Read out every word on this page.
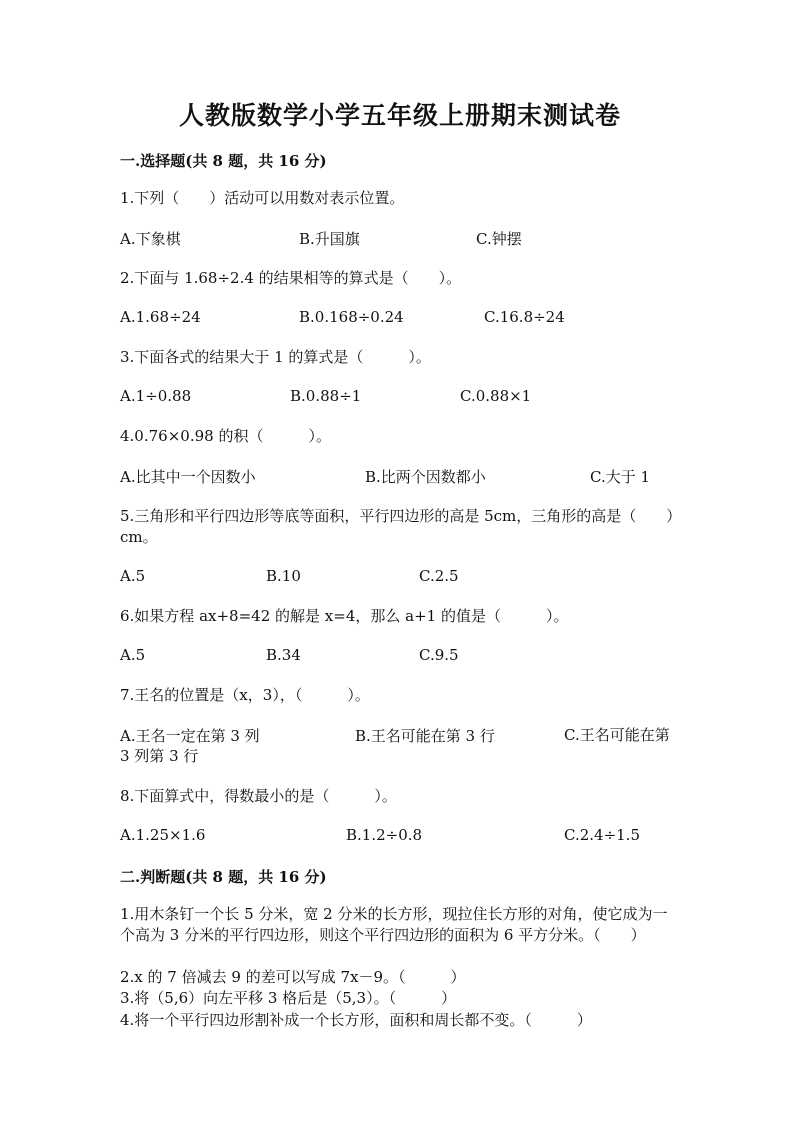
人教版数学小学五年级上册期末测试卷
一.选择题(共 8 题，共 16 分)
1.下列（　　）活动可以用数对表示位置。
A.下象棋	B.升国旗	C.钟摆
2.下面与 1.68÷2.4 的结果相等的算式是（　　）。
A.1.68÷24	B.0.168÷0.24	C.16.8÷24
3.下面各式的结果大于 1 的算式是（　　　）。
A.1÷0.88	B.0.88÷1	C.0.88×1
4.0.76×0.98 的积（　　　）。
A.比其中一个因数小	B.比两个因数都小	C.大于 1
5.三角形和平行四边形等底等面积，平行四边形的高是 5cm，三角形的高是（　　）cm。
A.5	B.10	C.2.5
6.如果方程 ax+8=42 的解是 x=4，那么 a+1 的值是（　　　）。
A.5	B.34	C.9.5
7.王名的位置是（x，3），（　　　）。
A.王名一定在第 3 列	B.王名可能在第 3 行	C.王名可能在第 3 列第 3 行
8.下面算式中，得数最小的是（　　　）。
A.1.25×1.6	B.1.2÷0.8	C.2.4÷1.5
二.判断题(共 8 题，共 16 分)
1.用木条钉一个长 5 分米，宽 2 分米的长方形，现拉住长方形的对角，使它成为一个高为 3 分米的平行四边形，则这个平行四边形的面积为 6 平方分米。（　　）
2.x 的 7 倍减去 9 的差可以写成 7x－9。（　　　）
3.将（5,6）向左平移 3 格后是（5,3）。（　　　）
4.将一个平行四边形割补成一个长方形，面积和周长都不变。（　　　）
